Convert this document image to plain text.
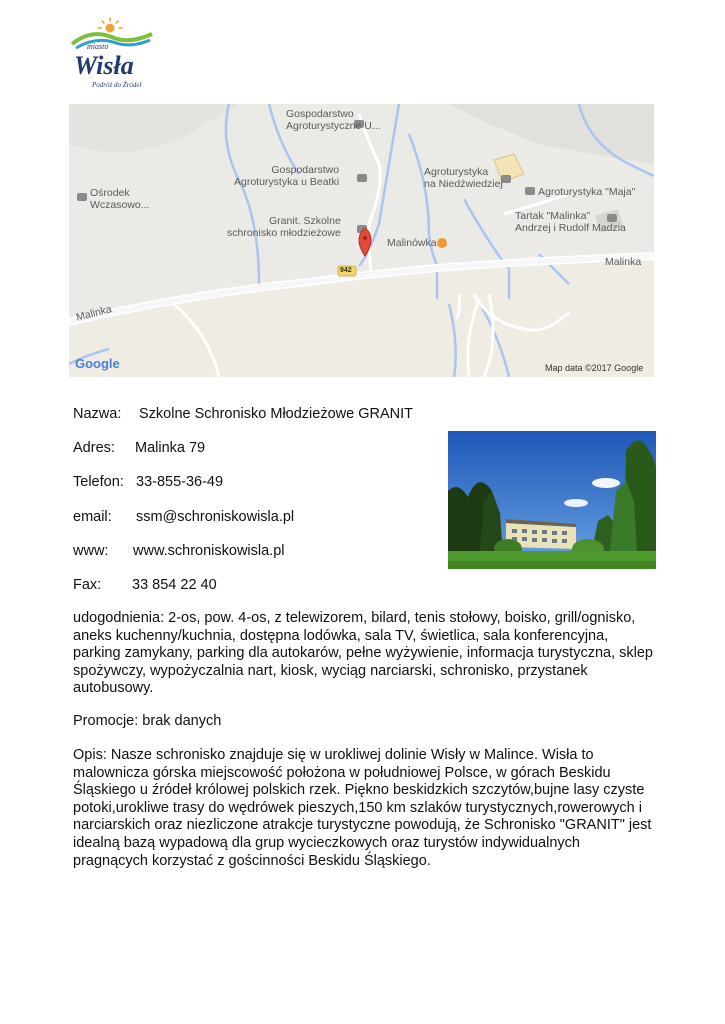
miasto
Wisła
Podróż do Źródeł
Gospodarstwo
Agroturystyczne U...
Gospodarstwo
Agroturystyka u Beatki
Ośrodek
Wczasowo...
Granit. Szkolne
schronisko młodzieżowe
Agroturystyka
na Niedźwiedziej
Agroturystyka "Maja"
Tartak "Malinka"
Andrzej i Rudolf Madzia
Malinówka
942
Malinka
Malinka
Google	Map data ©2017 Google
Nazwa: Szkolne Schronisko Młodzieżowe GRANIT
Adres: Malinka 79
Telefon: 33-855-36-49
email: ssm@schroniskowisla.pl
www: www.schroniskowisla.pl
Fax: 33 854 22 40
udogodnienia: 2-os, pow. 4-os, z telewizorem, bilard, tenis stołowy, boisko, grill/ognisko, aneks kuchenny/kuchnia, dostępna lodówka, sala TV, świetlica, sala konferencyjna, parking zamykany, parking dla autokarów, pełne wyżywienie, informacja turystyczna, sklep spożywczy, wypożyczalnia nart, kiosk, wyciąg narciarski, schronisko, przystanek autobusowy.
Promocje: brak danych
Opis: Nasze schronisko znajduje się w urokliwej dolinie Wisły w Malince. Wisła to malownicza górska miejscowość położona w południowej Polsce, w górach Beskidu Śląskiego u źródeł królowej polskich rzek. Piękno beskidzkich szczytów,bujne lasy czyste potoki,urokliwe trasy do wędrówek pieszych,150 km szlaków turystycznych,rowerowych i narciarskich oraz niezliczone atrakcje turystyczne powodują, że Schronisko "GRANIT" jest idealną bazą wypadową dla grup wycieczkowych oraz turystów indywidualnych pragnących korzystać z gościnności Beskidu Śląskiego.
